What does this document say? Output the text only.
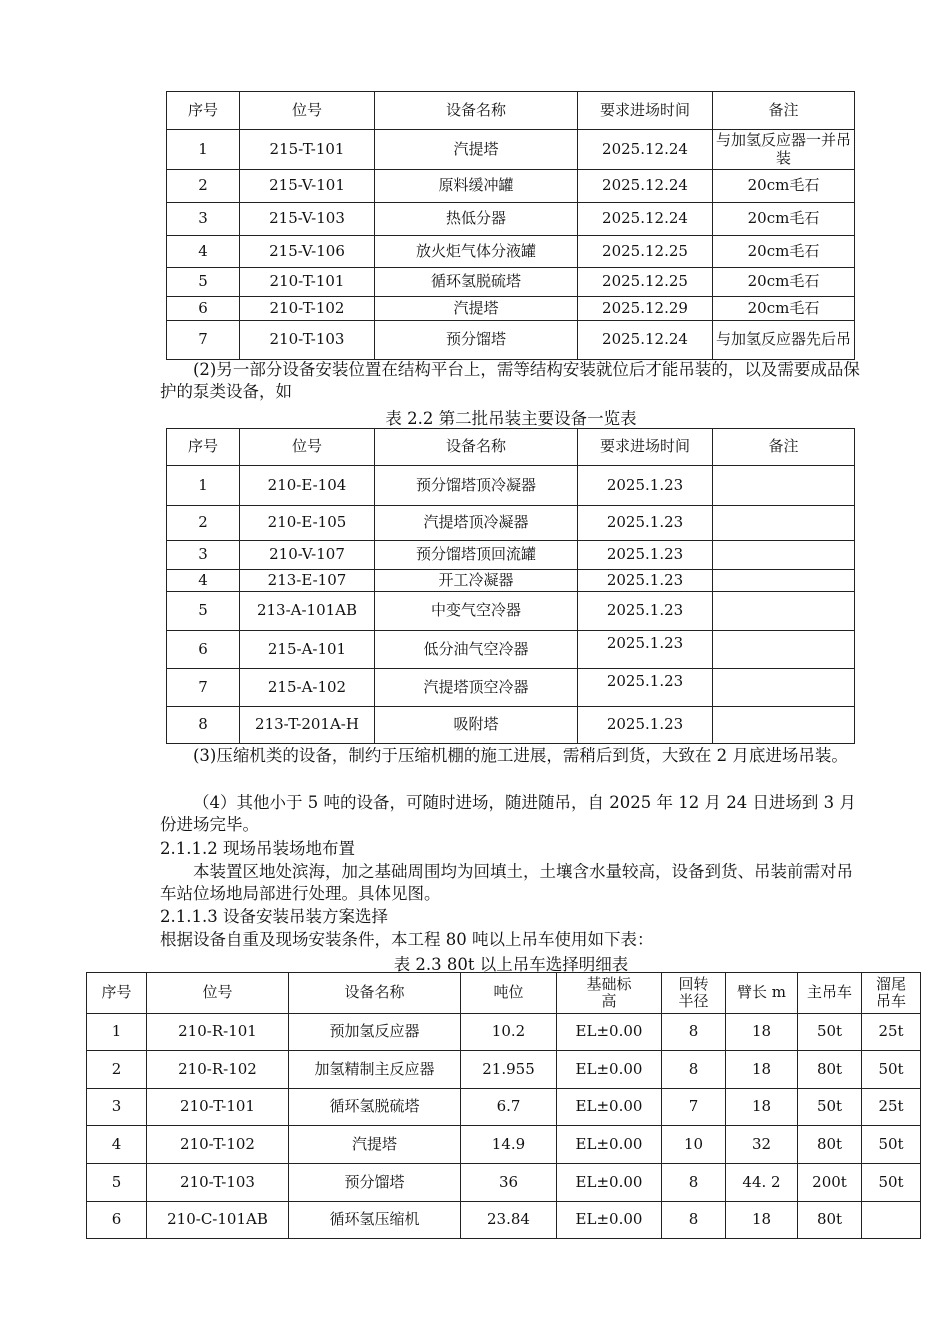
序号	位号	设备名称	要求进场时间	备注
1	215-T-101	汽提塔	2025.12.24	与加氢反应器一并吊装
2	215-V-101	原料缓冲罐	2025.12.24	20cm毛石
3	215-V-103	热低分器	2025.12.24	20cm毛石
4	215-V-106	放火炬气体分液罐	2025.12.25	20cm毛石
5	210-T-101	循环氢脱硫塔	2025.12.25	20cm毛石
6	210-T-102	汽提塔	2025.12.29	20cm毛石
7	210-T-103	预分馏塔	2025.12.24	与加氢反应器先后吊
(2)另一部分设备安装位置在结构平台上，需等结构安装就位后才能吊装的，以及需要成品保护的泵类设备，如
表 2.2 第二批吊装主要设备一览表
序号	位号	设备名称	要求进场时间	备注
1	210-E-104	预分馏塔顶冷凝器	2025.1.23	
2	210-E-105	汽提塔顶冷凝器	2025.1.23	
3	210-V-107	预分馏塔顶回流罐	2025.1.23	
4	213-E-107	开工冷凝器	2025.1.23	
5	213-A-101AB	中变气空冷器	2025.1.23	
6	215-A-101	低分油气空冷器	2025.1.23	
7	215-A-102	汽提塔顶空冷器	2025.1.23	
8	213-T-201A-H	吸附塔	2025.1.23	
(3)压缩机类的设备，制约于压缩机棚的施工进展，需稍后到货，大致在 2 月底进场吊装。
（4）其他小于 5 吨的设备，可随时进场，随进随吊，自 2025 年 12 月 24 日进场到 3 月份进场完毕。
2.1.1.2 现场吊装场地布置
本装置区地处滨海，加之基础周围均为回填土，土壤含水量较高，设备到货、吊装前需对吊车站位场地局部进行处理。具体见图。
2.1.1.3 设备安装吊装方案选择
根据设备自重及现场安装条件，本工程 80 吨以上吊车使用如下表：
表 2.3 80t 以上吊车选择明细表
序号	位号	设备名称	吨位	基础标高	回转半径	臂长 m	主吊车	溜尾吊车
1	210-R-101	预加氢反应器	10.2	EL±0.00	8	18	50t	25t
2	210-R-102	加氢精制主反应器	21.955	EL±0.00	8	18	80t	50t
3	210-T-101	循环氢脱硫塔	6.7	EL±0.00	7	18	50t	25t
4	210-T-102	汽提塔	14.9	EL±0.00	10	32	80t	50t
5	210-T-103	预分馏塔	36	EL±0.00	8	44. 2	200t	50t
6	210-C-101AB	循环氢压缩机	23.84	EL±0.00	8	18	80t	
